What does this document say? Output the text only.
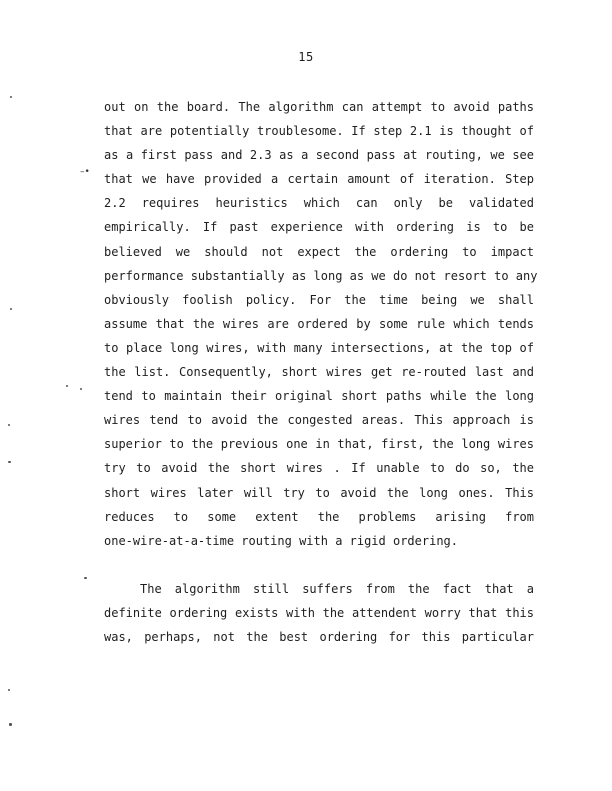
15
out on the board. The algorithm can attempt to avoid paths
that are potentially troublesome. If step 2.1 is thought of
as a first pass and 2.3 as a second pass at routing, we see
that we have provided a certain amount of iteration. Step
2.2 requires heuristics which can only be validated
empirically. If past experience with ordering is to be
believed we should not expect the ordering to impact
performance substantially as long as we do not resort to any
obviously foolish policy. For the time being we shall
assume that the wires are ordered by some rule which tends
to place long wires, with many intersections, at the top of
the list. Consequently, short wires get re-routed last and
tend to maintain their original short paths while the long
wires tend to avoid the congested areas. This approach is
superior to the previous one in that, first, the long wires
try to avoid the short wires . If unable to do so, the
short wires later will try to avoid the long ones. This
reduces to some extent the problems arising from
one-wire-at-a-time routing with a rigid ordering.
The algorithm still suffers from the fact that a
definite ordering exists with the attendent worry that this
was, perhaps, not the best ordering for this particular
–•
